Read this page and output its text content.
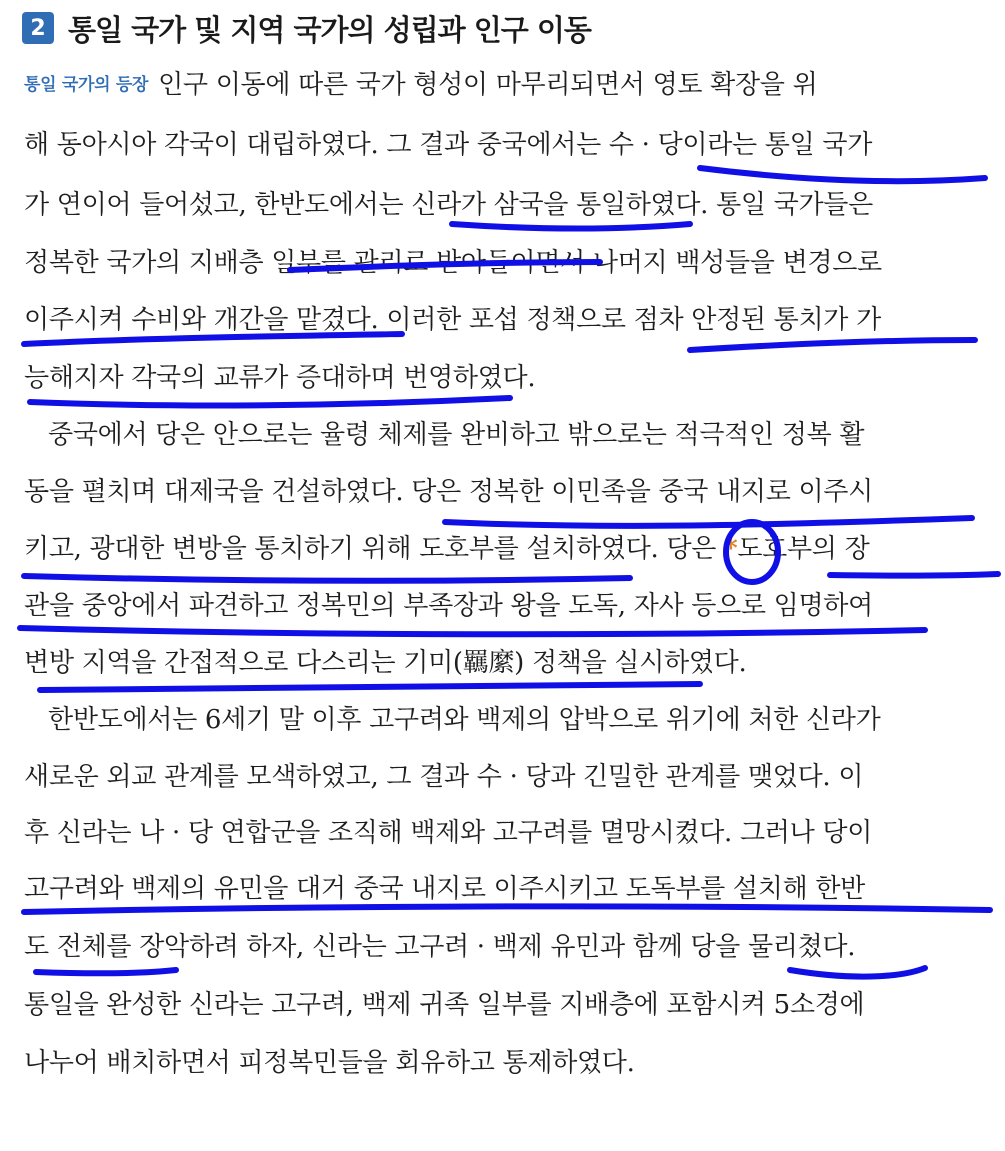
2 통일 국가 및 지역 국가의 성립과 인구 이동
통일 국가의 등장 인구 이동에 따른 국가 형성이 마무리되면서 영토 확장을 위
해 동아시아 각국이 대립하였다. 그 결과 중국에서는 수 · 당이라는 통일 국가
가 연이어 들어섰고, 한반도에서는 신라가 삼국을 통일하였다. 통일 국가들은
정복한 국가의 지배층 일부를 관리로 받아들이면서 나머지 백성들을 변경으로
이주시켜 수비와 개간을 맡겼다. 이러한 포섭 정책으로 점차 안정된 통치가 가
능해지자 각국의 교류가 증대하며 번영하였다.
중국에서 당은 안으로는 율령 체제를 완비하고 밖으로는 적극적인 정복 활
동을 펼치며 대제국을 건설하였다. 당은 정복한 이민족을 중국 내지로 이주시
키고, 광대한 변방을 통치하기 위해 도호부를 설치하였다. 당은 *도호부의 장
관을 중앙에서 파견하고 정복민의 부족장과 왕을 도독, 자사 등으로 임명하여
변방 지역을 간접적으로 다스리는 기미(羈縻) 정책을 실시하였다.
한반도에서는 6세기 말 이후 고구려와 백제의 압박으로 위기에 처한 신라가
새로운 외교 관계를 모색하였고, 그 결과 수 · 당과 긴밀한 관계를 맺었다. 이
후 신라는 나 · 당 연합군을 조직해 백제와 고구려를 멸망시켰다. 그러나 당이
고구려와 백제의 유민을 대거 중국 내지로 이주시키고 도독부를 설치해 한반
도 전체를 장악하려 하자, 신라는 고구려 · 백제 유민과 함께 당을 물리쳤다.
통일을 완성한 신라는 고구려, 백제 귀족 일부를 지배층에 포함시켜 5소경에
나누어 배치하면서 피정복민들을 회유하고 통제하였다.
